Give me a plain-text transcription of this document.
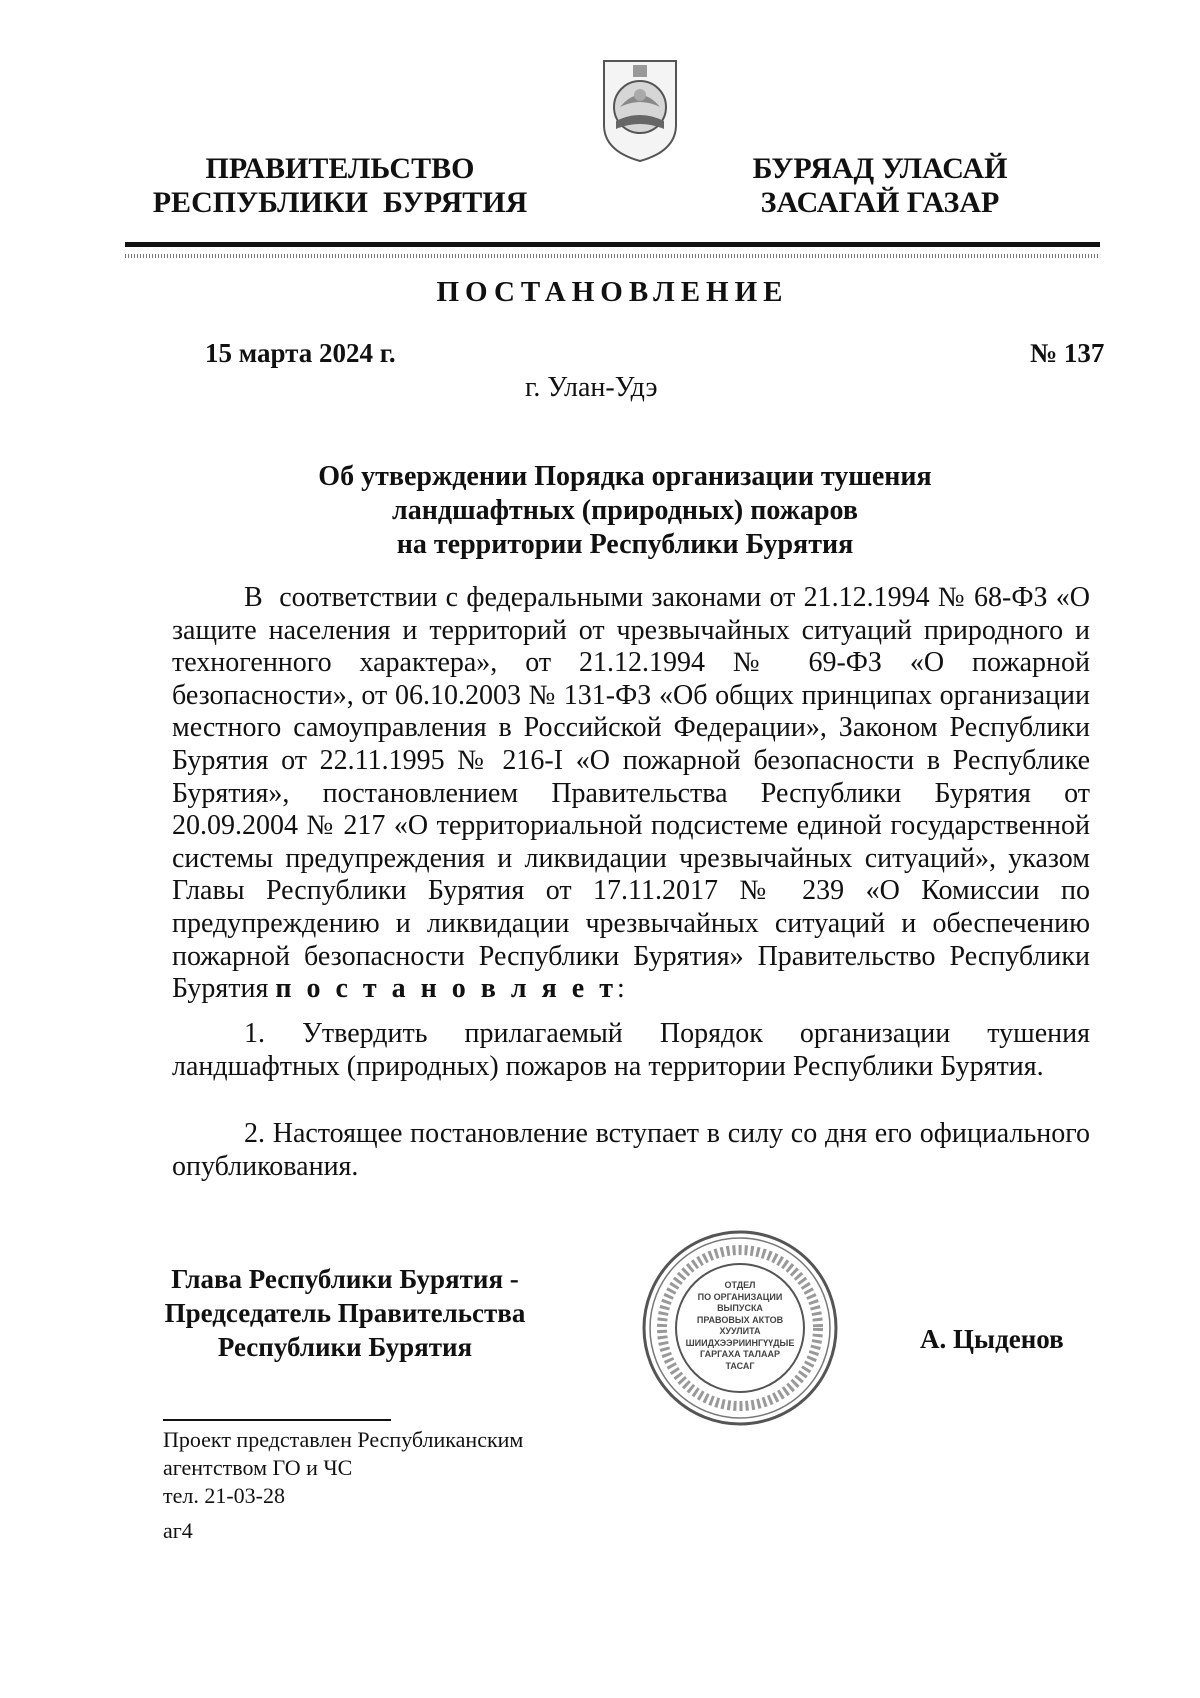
ПРАВИТЕЛЬСТВО
РЕСПУБЛИКИ  БУРЯТИЯ
БУРЯАД УЛАСАЙ
ЗАСАГАЙ ГАЗАР
ПОСТАНОВЛЕНИЕ
15 марта 2024 г.	№ 137
г. Улан-Удэ
Об утверждении Порядка организации тушения
ландшафтных (природных) пожаров
на территории Республики Бурятия

В соответствии с федеральными законами от 21.12.1994 № 68-ФЗ «О защите населения и территорий от чрезвычайных ситуаций природного и техногенного характера», от 21.12.1994 № 69-ФЗ «О пожарной безопасности», от 06.10.2003 № 131-ФЗ «Об общих принципах организации местного самоуправления в Российской Федерации», Законом Республики Бурятия от 22.11.1995 № 216-I «О пожарной безопасности в Республике Бурятия», постановлением Правительства Республики Бурятия от 20.09.2004 № 217 «О территориальной подсистеме единой государственной системы предупреждения и ликвидации чрезвычайных ситуаций», указом Главы Республики Бурятия от 17.11.2017 № 239 «О Комиссии по предупреждению и ликвидации чрезвычайных ситуаций и обеспечению пожарной безопасности Республики Бурятия» Правительство Республики Бурятия п о с т а н о в л я е т:

1. Утвердить прилагаемый Порядок организации тушения ландшафтных (природных) пожаров на территории Республики Бурятия.

2. Настоящее постановление вступает в силу со дня его официального опубликования.

Глава Республики Бурятия -
Председатель Правительства
Республики Бурятия
ОТДЕЛ
ПО ОРГАНИЗАЦИИ
ВЫПУСКА
ПРАВОВЫХ АКТОВ
ХУУЛИТА
ШИИДХЭЭРИИНГҮҮДЫЕ
ГАРГАХА ТАЛААР
ТАСАГ
А. Цыденов
Проект представлен Республиканским
агентством ГО и ЧС
тел. 21-03-28
аг4
